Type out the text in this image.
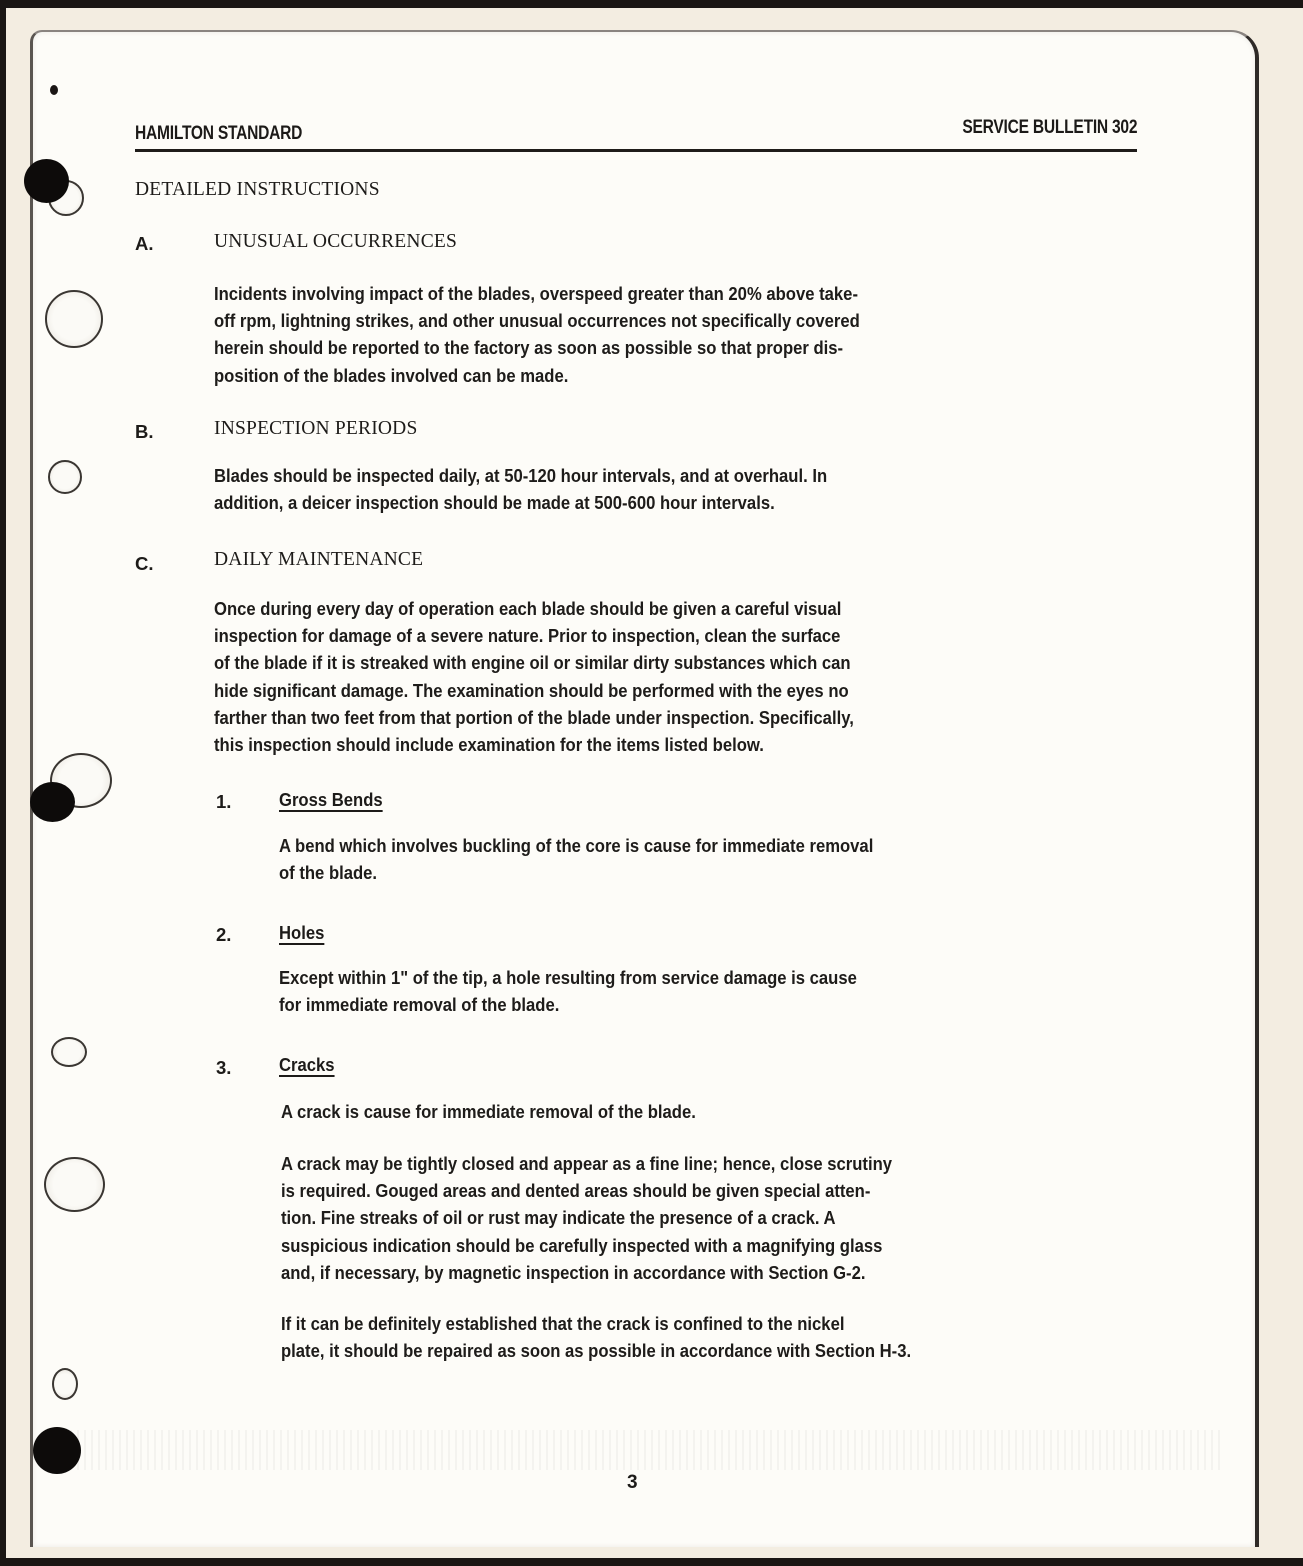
HAMILTON STANDARD	SERVICE BULLETIN 302
DETAILED INSTRUCTIONS
A.	UNUSUAL OCCURRENCES
Incidents involving impact of the blades, overspeed greater than 20% above take-
off rpm, lightning strikes, and other unusual occurrences not specifically covered
herein should be reported to the factory as soon as possible so that proper dis-
position of the blades involved can be made.
B.	INSPECTION PERIODS
Blades should be inspected daily, at 50-120 hour intervals, and at overhaul. In
addition, a deicer inspection should be made at 500-600 hour intervals.
C.	DAILY MAINTENANCE
Once during every day of operation each blade should be given a careful visual
inspection for damage of a severe nature. Prior to inspection, clean the surface
of the blade if it is streaked with engine oil or similar dirty substances which can
hide significant damage. The examination should be performed with the eyes no
farther than two feet from that portion of the blade under inspection. Specifically,
this inspection should include examination for the items listed below.
1.	Gross Bends
A bend which involves buckling of the core is cause for immediate removal
of the blade.
2.	Holes
Except within 1" of the tip, a hole resulting from service damage is cause
for immediate removal of the blade.
3.	Cracks
A crack is cause for immediate removal of the blade.
A crack may be tightly closed and appear as a fine line; hence, close scrutiny
is required. Gouged areas and dented areas should be given special atten-
tion. Fine streaks of oil or rust may indicate the presence of a crack. A
suspicious indication should be carefully inspected with a magnifying glass
and, if necessary, by magnetic inspection in accordance with Section G-2.
If it can be definitely established that the crack is confined to the nickel
plate, it should be repaired as soon as possible in accordance with Section H-3.
3
